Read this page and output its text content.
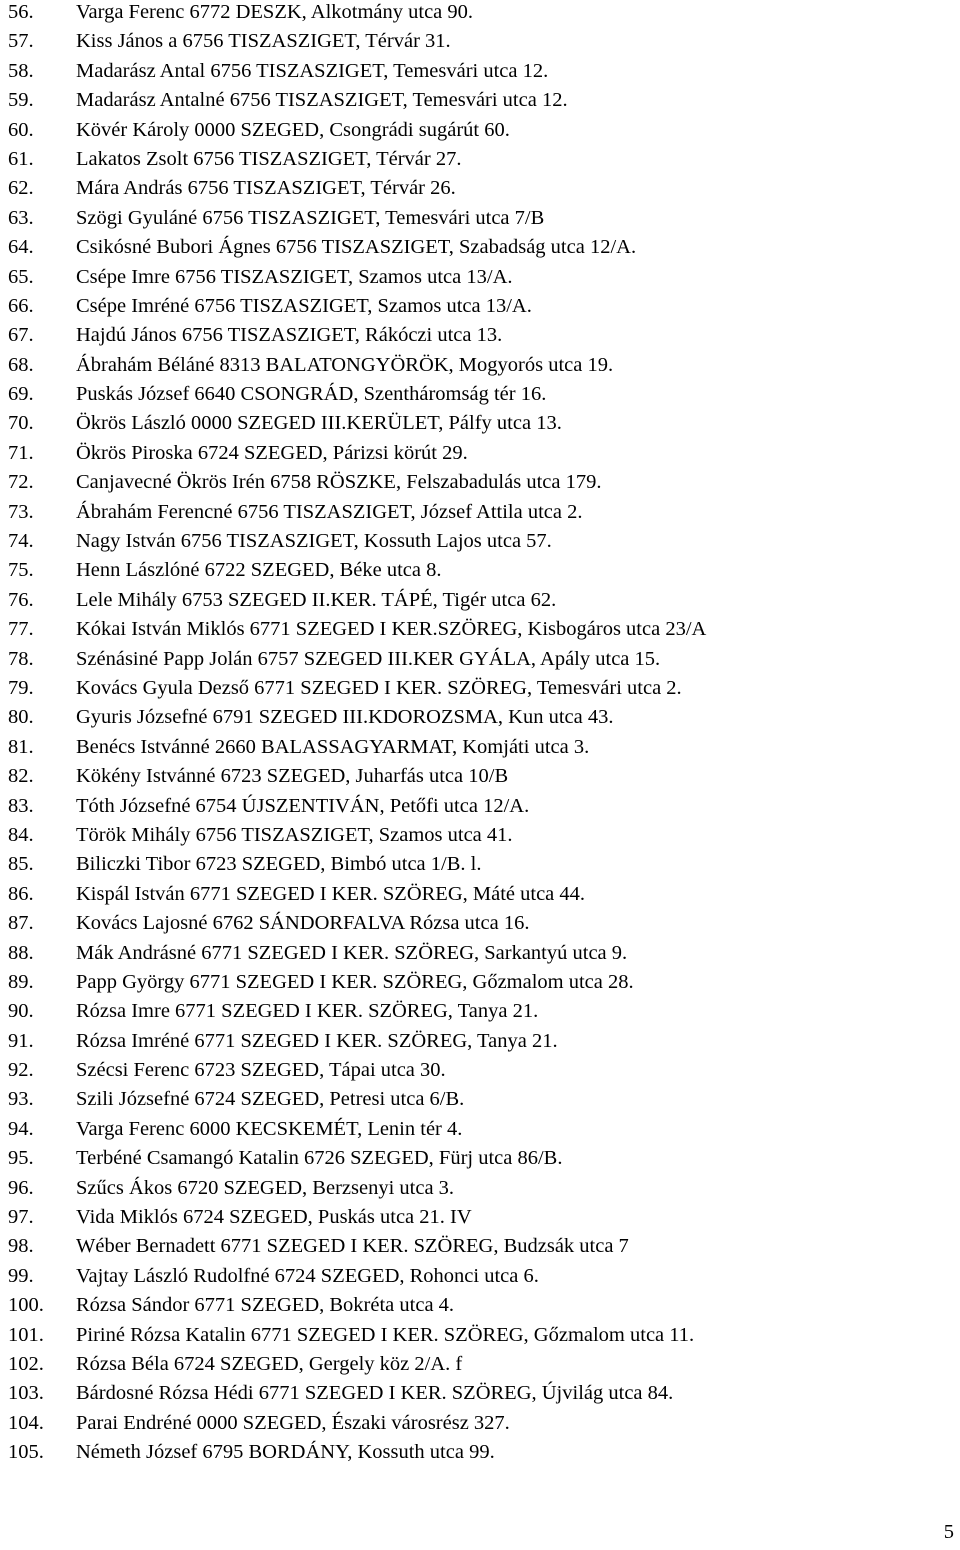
56. Varga Ferenc 6772 DESZK, Alkotmány utca 90.
57. Kiss János a 6756 TISZASZIGET, Térvár 31.
58. Madarász Antal 6756 TISZASZIGET, Temesvári utca 12.
59. Madarász Antalné 6756 TISZASZIGET, Temesvári utca 12.
60. Kövér Károly 0000 SZEGED, Csongrádi sugárút 60.
61. Lakatos Zsolt 6756 TISZASZIGET, Térvár 27.
62. Mára András 6756 TISZASZIGET, Térvár 26.
63. Szögi Gyuláné 6756 TISZASZIGET, Temesvári utca 7/B
64. Csikósné Bubori Ágnes 6756 TISZASZIGET, Szabadság utca 12/A.
65. Csépe Imre 6756 TISZASZIGET, Szamos utca 13/A.
66. Csépe Imréné 6756 TISZASZIGET, Szamos utca 13/A.
67. Hajdú János 6756 TISZASZIGET, Rákóczi utca 13.
68. Ábrahám Béláné 8313 BALATONGYÖRÖK, Mogyorós utca 19.
69. Puskás József 6640 CSONGRÁD, Szentháromság tér 16.
70. Ökrös László 0000 SZEGED III.KERÜLET, Pálfy utca 13.
71. Ökrös Piroska 6724 SZEGED, Párizsi körút 29.
72. Canjavecné Ökrös Irén 6758 RÖSZKE, Felszabadulás utca 179.
73. Ábrahám Ferencné 6756 TISZASZIGET, József Attila utca 2.
74. Nagy István 6756 TISZASZIGET, Kossuth Lajos utca 57.
75. Henn Lászlóné 6722 SZEGED, Béke utca 8.
76. Lele Mihály 6753 SZEGED II.KER. TÁPÉ, Tigér utca 62.
77. Kókai István Miklós 6771 SZEGED I KER.SZÖREG, Kisbogáros utca 23/A
78. Szénásiné Papp Jolán 6757 SZEGED III.KER GYÁLA, Apály utca 15.
79. Kovács Gyula Dezső 6771 SZEGED I KER. SZÖREG, Temesvári utca 2.
80. Gyuris Józsefné 6791 SZEGED III.KDOROZSMA, Kun utca 43.
81. Benécs Istvánné 2660 BALASSAGYARMAT, Komjáti utca 3.
82. Kökény Istvánné 6723 SZEGED, Juharfás utca 10/B
83. Tóth Józsefné 6754 ÚJSZENTIVÁN, Petőfi utca 12/A.
84. Török Mihály 6756 TISZASZIGET, Szamos utca 41.
85. Biliczki Tibor 6723 SZEGED, Bimbó utca 1/B. l.
86. Kispál István 6771 SZEGED I KER. SZÖREG, Máté utca 44.
87. Kovács Lajosné 6762 SÁNDORFALVA Rózsa utca 16.
88. Mák Andrásné 6771 SZEGED I KER. SZÖREG, Sarkantyú utca 9.
89. Papp György 6771 SZEGED I KER. SZÖREG, Gőzmalom utca 28.
90. Rózsa Imre 6771 SZEGED I KER. SZÖREG, Tanya 21.
91. Rózsa Imréné 6771 SZEGED I KER. SZÖREG, Tanya 21.
92. Szécsi Ferenc 6723 SZEGED, Tápai utca 30.
93. Szili Józsefné 6724 SZEGED, Petresi utca 6/B.
94. Varga Ferenc 6000 KECSKEMÉT, Lenin tér 4.
95. Terbéné Csamangó Katalin 6726 SZEGED, Fürj utca 86/B.
96. Szűcs Ákos 6720 SZEGED, Berzsenyi utca 3.
97. Vida Miklós 6724 SZEGED, Puskás utca 21. IV
98. Wéber Bernadett 6771 SZEGED I KER. SZÖREG, Budzsák utca 7
99. Vajtay László Rudolfné 6724 SZEGED, Rohonci utca 6.
100. Rózsa Sándor 6771 SZEGED, Bokréta utca 4.
101. Piriné Rózsa Katalin 6771 SZEGED I KER. SZÖREG, Gőzmalom utca 11.
102. Rózsa Béla 6724 SZEGED, Gergely köz 2/A. f
103. Bárdosné Rózsa Hédi 6771 SZEGED I KER. SZÖREG, Újvilág utca 84.
104. Parai Endréné 0000 SZEGED, Északi városrész 327.
105. Németh József 6795 BORDÁNY, Kossuth utca 99.
5
